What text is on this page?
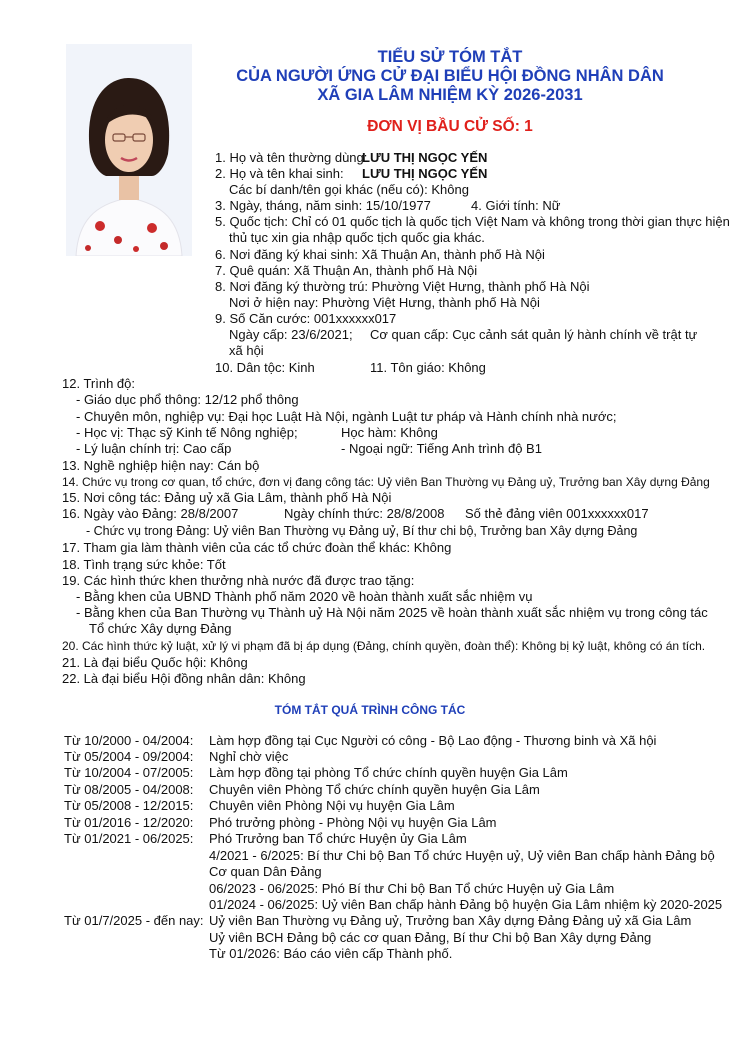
TIỂU SỬ TÓM TẮT
CỦA NGƯỜI ỨNG CỬ ĐẠI BIỂU HỘI ĐỒNG NHÂN DÂN
XÃ GIA LÂM NHIỆM KỲ 2026-2031
ĐƠN VỊ BẦU CỬ SỐ: 1
1. Họ và tên thường dùng:
LƯU THỊ NGỌC YẾN
2. Họ và tên khai sinh: LƯU THỊ NGỌC YẾN
Các bí danh/tên gọi khác (nếu có): Không
3. Ngày, tháng, năm sinh: 15/10/1977	4. Giới tính: Nữ
5. Quốc tịch: Chỉ có 01 quốc tịch là quốc tịch Việt Nam và không trong thời gian thực hiện
thủ tục xin gia nhập quốc tịch quốc gia khác.
6. Nơi đăng ký khai sinh: Xã Thuận An, thành phố Hà Nội
7. Quê quán: Xã Thuận An, thành phố Hà Nội
8. Nơi đăng ký thường trú: Phường Việt Hưng, thành phố Hà Nội
Nơi ở hiện nay: Phường Việt Hưng, thành phố Hà Nội
9. Số Căn cước: 001xxxxxx017
Ngày cấp: 23/6/2021; Cơ quan cấp: Cục cảnh sát quản lý hành chính về trật tự
xã hội
10. Dân tộc: Kinh	11. Tôn giáo: Không
12. Trình độ:
- Giáo dục phổ thông: 12/12 phổ thông
- Chuyên môn, nghiệp vụ: Đại học Luật Hà Nội, ngành Luật tư pháp và Hành chính nhà nước;
- Học vị: Thạc sỹ Kinh tế Nông nghiệp;	Học hàm: Không
- Lý luận chính trị: Cao cấp	- Ngoại ngữ: Tiếng Anh trình độ B1
13. Nghề nghiệp hiện nay: Cán bộ
14. Chức vụ trong cơ quan, tổ chức, đơn vị đang công tác: Uỷ viên Ban Thường vụ Đảng uỷ, Trưởng ban Xây dựng Đảng
15. Nơi công tác: Đảng uỷ xã Gia Lâm, thành phố Hà Nội
16. Ngày vào Đảng: 28/8/2007	Ngày chính thức: 28/8/2008 Số thẻ đảng viên 001xxxxxx017
- Chức vụ trong Đảng: Uỷ viên Ban Thường vụ Đảng uỷ, Bí thư chi bộ, Trưởng ban Xây dựng Đảng
17. Tham gia làm thành viên của các tổ chức đoàn thể khác: Không
18. Tình trạng sức khỏe: Tốt
19. Các hình thức khen thưởng nhà nước đã được trao tặng:
- Bằng khen của UBND Thành phố năm 2020 về hoàn thành xuất sắc nhiệm vụ
- Bằng khen của Ban Thường vụ Thành uỷ Hà Nội năm 2025 về hoàn thành xuất sắc nhiệm vụ trong công tác
Tổ chức Xây dựng Đảng
20. Các hình thức kỷ luật, xử lý vi phạm đã bị áp dụng (Đảng, chính quyền, đoàn thể): Không bị kỷ luật, không có án tích.
21. Là đại biểu Quốc hội: Không
22. Là đại biểu Hội đồng nhân dân: Không
TÓM TẮT QUÁ TRÌNH CÔNG TÁC
Từ 10/2000 - 04/2004: Làm hợp đồng tại Cục Người có công - Bộ Lao động - Thương binh và Xã hội
Từ 05/2004 - 09/2004: Nghỉ chờ việc
Từ 10/2004 - 07/2005: Làm hợp đồng tại phòng Tổ chức chính quyền huyện Gia Lâm
Từ 08/2005 - 04/2008: Chuyên viên Phòng Tổ chức chính quyền huyện Gia Lâm
Từ 05/2008 - 12/2015: Chuyên viên Phòng Nội vụ huyện Gia Lâm
Từ 01/2016 - 12/2020: Phó trưởng phòng - Phòng Nội vụ huyện Gia Lâm
Từ 01/2021 - 06/2025: Phó Trưởng ban Tổ chức Huyện ủy Gia Lâm
4/2021 - 6/2025: Bí thư Chi bộ Ban Tổ chức Huyện uỷ, Uỷ viên Ban chấp hành Đảng bộ
Cơ quan Dân Đảng
06/2023 - 06/2025: Phó Bí thư Chi bộ Ban Tổ chức Huyện uỷ Gia Lâm
01/2024 - 06/2025: Uỷ viên Ban chấp hành Đảng bộ huyện Gia Lâm nhiệm kỳ 2020-2025
Từ 01/7/2025 - đến nay: Uỷ viên Ban Thường vụ Đảng uỷ, Trưởng ban Xây dựng Đảng Đảng uỷ xã Gia Lâm
Uỷ viên BCH Đảng bộ các cơ quan Đảng, Bí thư Chi bộ Ban Xây dựng Đảng
Từ 01/2026: Báo cáo viên cấp Thành phố.
